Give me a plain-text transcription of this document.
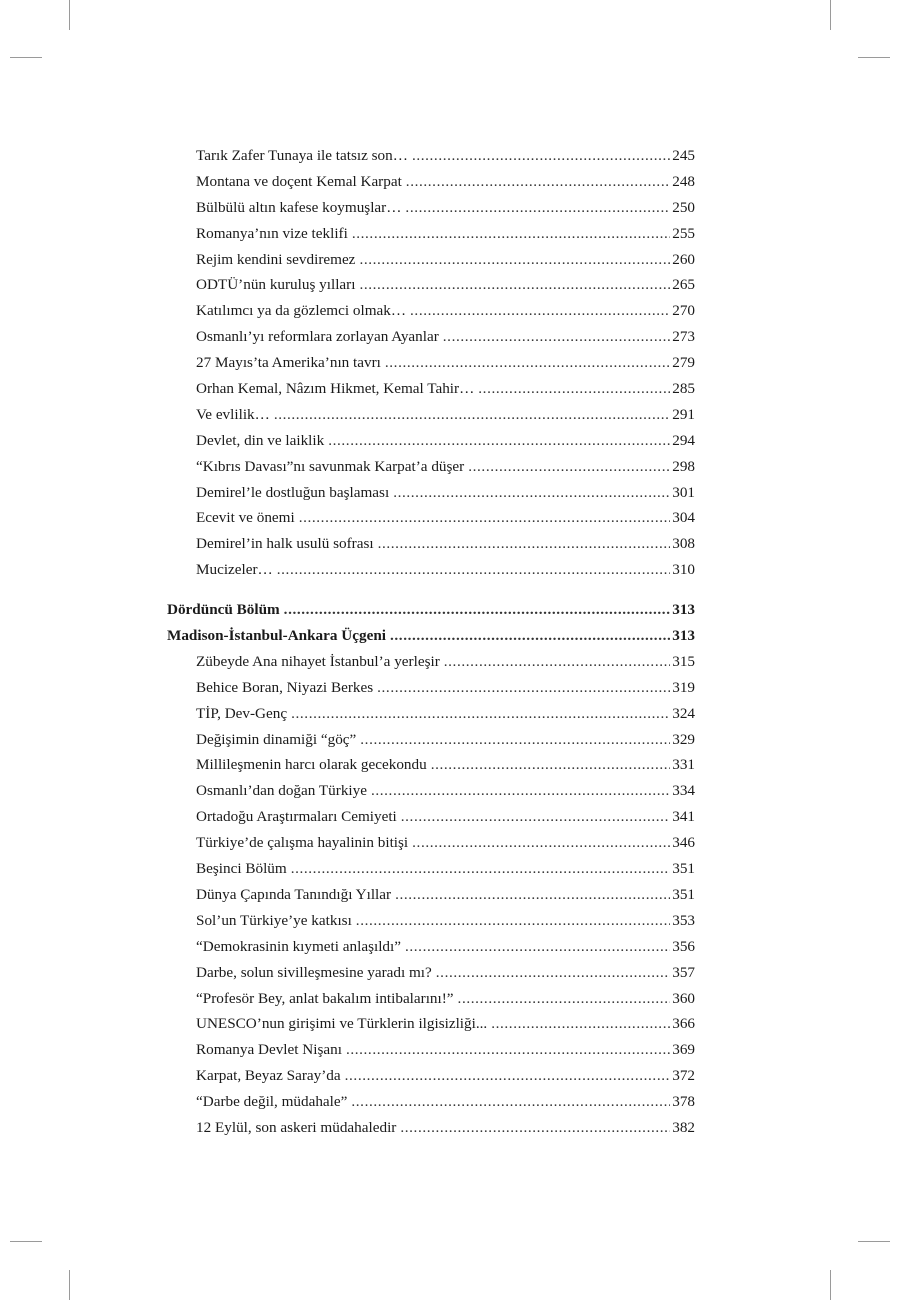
Tarık Zafer Tunaya ile tatsız son… .....	245
Montana ve doçent Kemal Karpat .....	248
Bülbülü altın kafese koymuşlar… .....	250
Romanya’nın vize teklifi .....	255
Rejim kendini sevdiremez .....	260
ODTÜ’nün kuruluş yılları .....	265
Katılımcı ya da gözlemci olmak… .....	270
Osmanlı’yı reformlara zorlayan Ayanlar .....	273
27 Mayıs’ta Amerika’nın tavrı .....	279
Orhan Kemal, Nâzım Hikmet, Kemal Tahir… .....	285
Ve evlilik… .....	291
Devlet, din ve laiklik .....	294
“Kıbrıs Davası”nı savunmak Karpat’a düşer .....	298
Demirel’le dostluğun başlaması .....	301
Ecevit ve önemi .....	304
Demirel’in halk usulü sofrası .....	308
Mucizeler… .....	310
Dördüncü Bölüm .....	313
Madison-İstanbul-Ankara Üçgeni .....	313
Zübeyde Ana nihayet İstanbul’a yerleşir .....	315
Behice Boran, Niyazi Berkes .....	319
TİP, Dev-Genç .....	324
Değişimin dinamiği “göç” .....	329
Millileşmenin harcı olarak gecekondu .....	331
Osmanlı’dan doğan Türkiye .....	334
Ortadoğu Araştırmaları Cemiyeti .....	341
Türkiye’de çalışma hayalinin bitişi .....	346
Beşinci Bölüm .....	351
Dünya Çapında Tanındığı Yıllar .....	351
Sol’un Türkiye’ye katkısı .....	353
“Demokrasinin kıymeti anlaşıldı” .....	356
Darbe, solun sivilleşmesine yaradı mı? .....	357
“Profesör Bey, anlat bakalım intibalarını!” .....	360
UNESCO’nun girişimi ve Türklerin ilgisizliği... .....	366
Romanya Devlet Nişanı .....	369
Karpat, Beyaz Saray’da .....	372
“Darbe değil, müdahale” .....	378
12 Eylül, son askeri müdahaledir .....	382
